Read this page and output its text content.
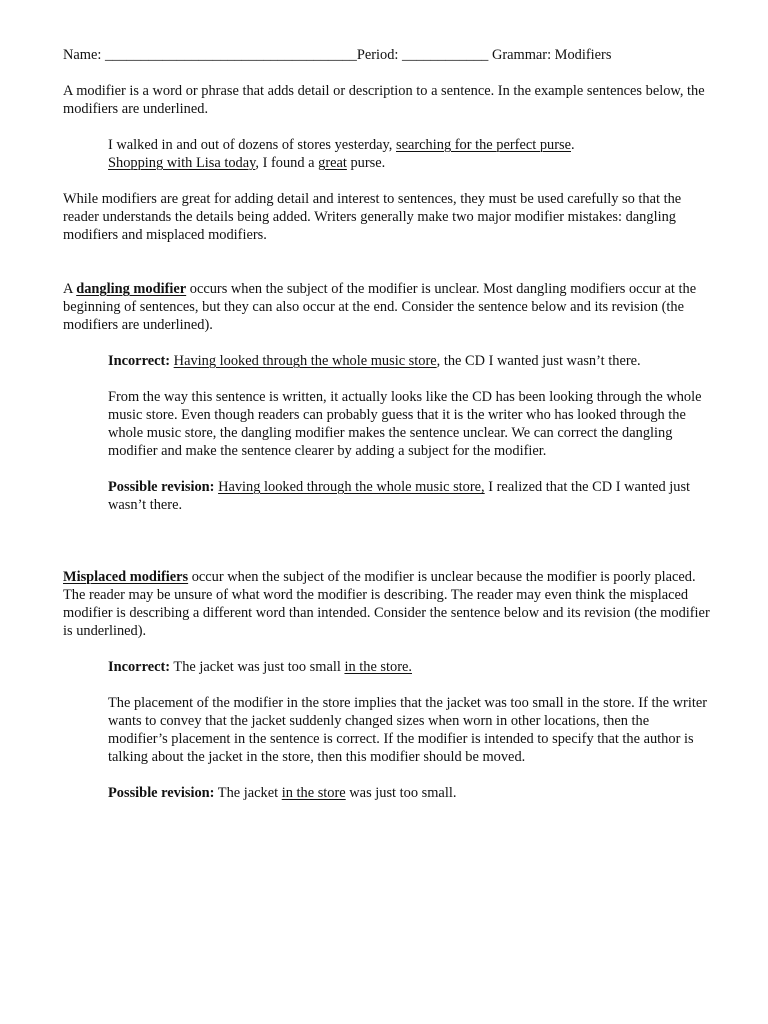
Name: ___________________________________Period: ____________ Grammar: Modifiers

A modifier is a word or phrase that adds detail or description to a sentence. In the example sentences below, the modifiers are underlined.

I walked in and out of dozens of stores yesterday, searching for the perfect purse.

Shopping with Lisa today, I found a great purse.

While modifiers are great for adding detail and interest to sentences, they must be used carefully so that the reader understands the details being added. Writers generally make two major modifier mistakes: dangling modifiers and misplaced modifiers.

A dangling modifier occurs when the subject of the modifier is unclear. Most dangling modifiers occur at the beginning of sentences, but they can also occur at the end. Consider the sentence below and its revision (the modifiers are underlined).

Incorrect: Having looked through the whole music store, the CD I wanted just wasn’t there.

From the way this sentence is written, it actually looks like the CD has been looking through the whole music store. Even though readers can probably guess that it is the writer who has looked through the whole music store, the dangling modifier makes the sentence unclear. We can correct the dangling modifier and make the sentence clearer by adding a subject for the modifier.

Possible revision: Having looked through the whole music store, I realized that the CD I wanted just wasn’t there.

Misplaced modifiers occur when the subject of the modifier is unclear because the modifier is poorly placed. The reader may be unsure of what word the modifier is describing. The reader may even think the misplaced modifier is describing a different word than intended. Consider the sentence below and its revision (the modifier is underlined).

Incorrect: The jacket was just too small in the store.

The placement of the modifier in the store implies that the jacket was too small in the store. If the writer wants to convey that the jacket suddenly changed sizes when worn in other locations, then the modifier’s placement in the sentence is correct. If the modifier is intended to specify that the author is talking about the jacket in the store, then this modifier should be moved.

Possible revision: The jacket in the store was just too small.
